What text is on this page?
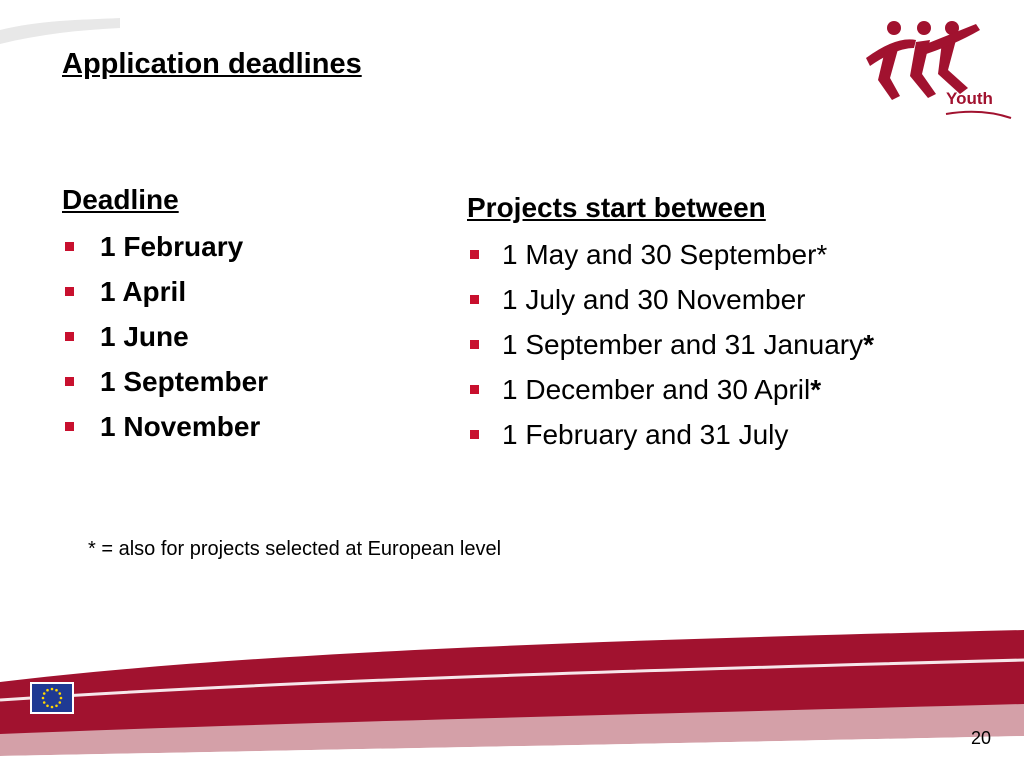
Application deadlines
Youth
Deadline
1 February
1 April
1 June
1 September
1 November
Projects start between
1 May and 30 September*
1 July and 30 November
1 September and 31 January*
1 December and 30 April*
1 February and 31 July
* = also for projects selected at European level
20
